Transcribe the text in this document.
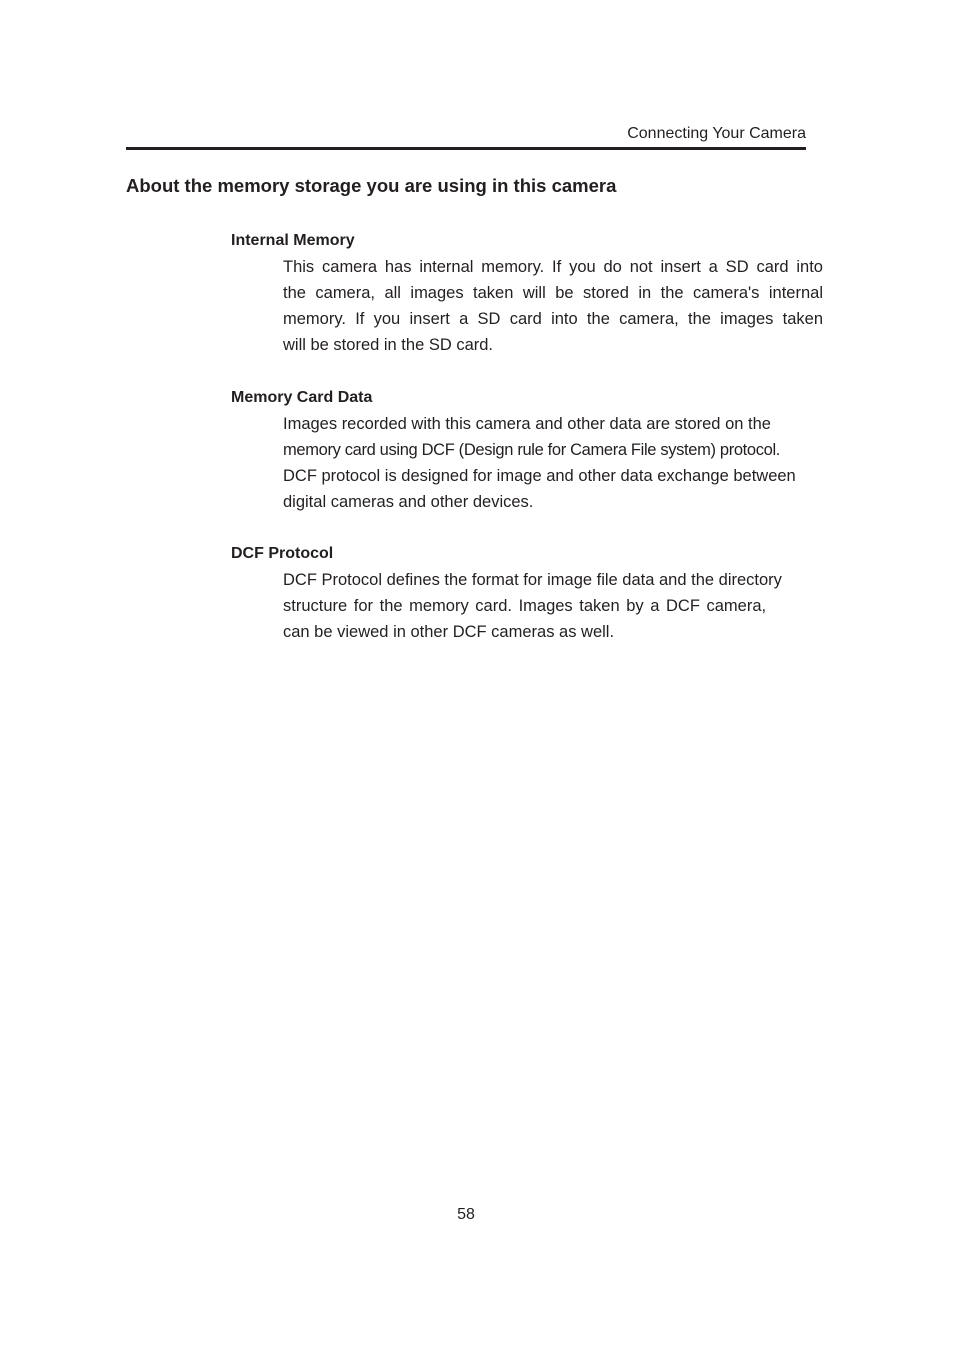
Connecting Your Camera
About the memory storage you are using in this camera
Internal Memory
This camera has internal memory. If you do not insert a SD card into
the camera, all images taken will be stored in the camera's internal
memory. If you insert a SD card into the camera, the images taken
will be stored in the SD card.
Memory Card Data
Images recorded with this camera and other data are stored on the
memory card using DCF (Design rule for Camera File system) protocol.
DCF protocol is designed for image and other data exchange between
digital cameras and other devices.
DCF Protocol
DCF Protocol defines the format for image file data and the directory
structure for the memory card. Images taken by a DCF camera,
can be viewed in other DCF cameras as well.
58
